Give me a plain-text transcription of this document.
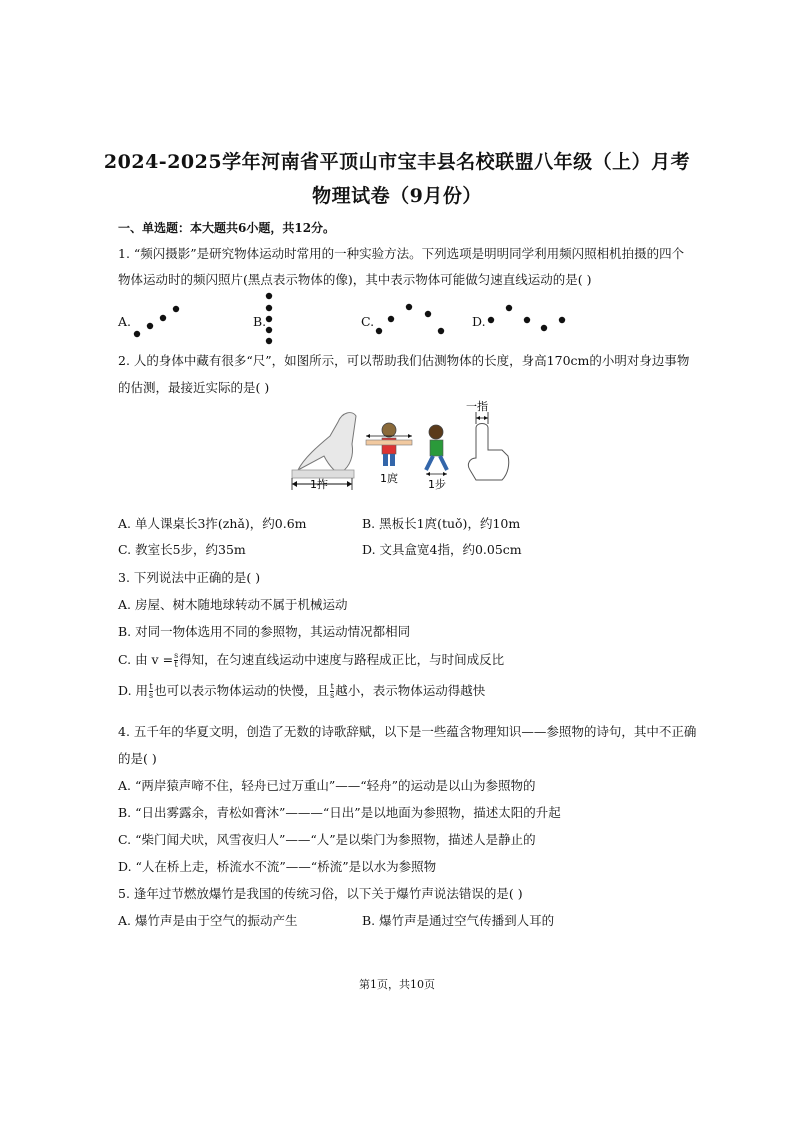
2024-2025学年河南省平顶山市宝丰县名校联盟八年级（上）月考
物理试卷（9月份）
一、单选题：本大题共6小题，共12分。
1. “频闪摄影”是研究物体运动时常用的一种实验方法。下列选项是明明同学利用频闪照相机拍摄的四个
物体运动时的频闪照片(黑点表示物体的像)，其中表示物体可能做匀速直线运动的是( )
A.	B.	C.	D.
2. 人的身体中藏有很多“尺”，如图所示，可以帮助我们估测物体的长度，身高170cm的小明对身边事物
的估测，最接近实际的是( )
1拃	1庹	1步
一指
A. 单人课桌长3拃(zhǎ)，约0.6m	B. 黑板长1庹(tuǒ)，约10m
C. 教室长5步，约35m	D. 文具盒宽4指，约0.05cm
3. 下列说法中正确的是( )
A. 房屋、树木随地球转动不属于机械运动
B. 对同一物体选用不同的参照物，其运动情况都相同
C. 由 $v = \frac{s}{t}$ 得知，在匀速直线运动中速度与路程成正比，与时间成反比
D. 用 $\frac{t}{s}$ 也可以表示物体运动的快慢，且 $\frac{t}{s}$ 越小，表示物体运动得越快
4. 五千年的华夏文明，创造了无数的诗歌辞赋，以下是一些蕴含物理知识——参照物的诗句，其中不正确
的是( )
A. “两岸猿声啼不住，轻舟已过万重山”——“轻舟”的运动是以山为参照物的
B. “日出雾露余，青松如膏沐”———“日出”是以地面为参照物，描述太阳的升起
C. “柴门闻犬吠，风雪夜归人”——“人”是以柴门为参照物，描述人是静止的
D. “人在桥上走，桥流水不流”——“桥流”是以水为参照物
5. 逢年过节燃放爆竹是我国的传统习俗，以下关于爆竹声说法错误的是( )
A. 爆竹声是由于空气的振动产生	B. 爆竹声是通过空气传播到人耳的
第1页，共10页
